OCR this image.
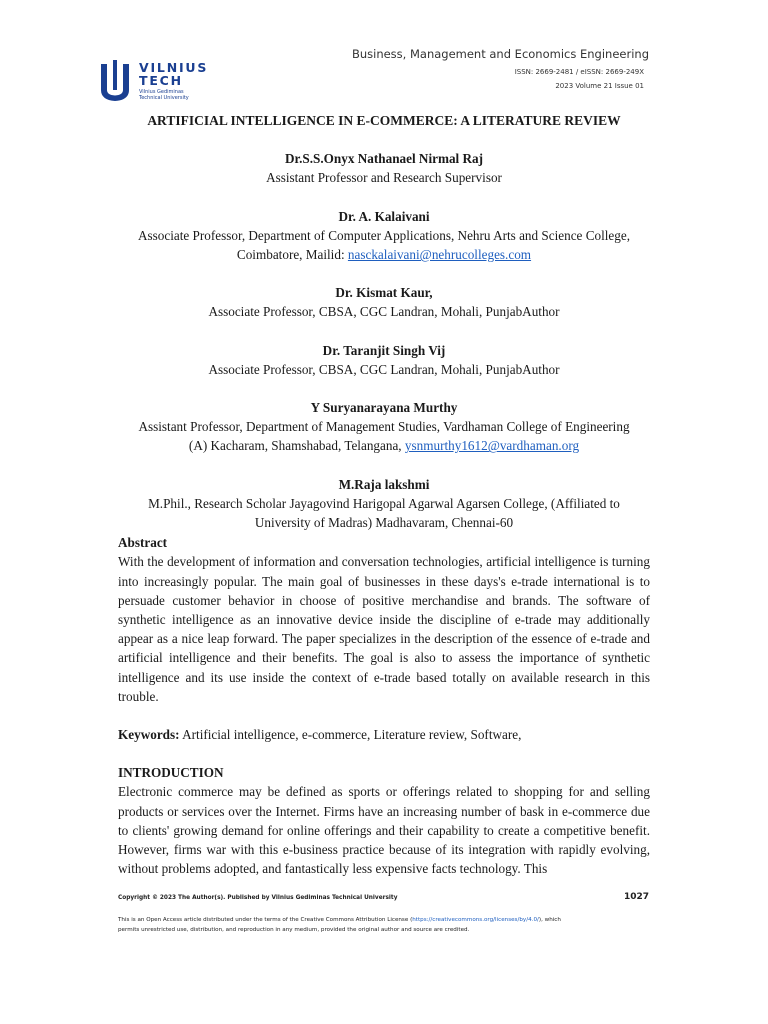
VILNIUS
TECH
Vilnius Gediminas
Technical University
Business, Management and Economics Engineering
ISSN: 2669-2481 / eISSN: 2669-249X
2023 Volume 21 Issue 01
ARTIFICIAL INTELLIGENCE IN E-COMMERCE: A LITERATURE REVIEW
Dr.S.S.Onyx Nathanael Nirmal Raj
Assistant Professor and Research Supervisor
Dr. A. Kalaivani
Associate Professor, Department of Computer Applications, Nehru Arts and Science College,
Coimbatore, Mailid: nasckalaivani@nehrucolleges.com
Dr. Kismat Kaur,
Associate Professor, CBSA, CGC Landran, Mohali, PunjabAuthor
Dr. Taranjit Singh Vij
Associate Professor, CBSA, CGC Landran, Mohali, PunjabAuthor
Y Suryanarayana Murthy
Assistant Professor, Department of Management Studies, Vardhaman College of Engineering
(A) Kacharam, Shamshabad, Telangana, ysnmurthy1612@vardhaman.org
M.Raja lakshmi
M.Phil., Research Scholar Jayagovind Harigopal Agarwal Agarsen College, (Affiliated to
University of Madras) Madhavaram, Chennai-60
Abstract
With the development of information and conversation technologies, artificial intelligence is turning into increasingly popular. The main goal of businesses in these days's e-trade international is to persuade customer behavior in choose of positive merchandise and brands. The software of synthetic intelligence as an innovative device inside the discipline of e-trade may additionally appear as a nice leap forward. The paper specializes in the description of the essence of e-trade and artificial intelligence and their benefits. The goal is also to assess the importance of synthetic intelligence and its use inside the context of e-trade based totally on available research in this trouble.
Keywords: Artificial intelligence, e-commerce, Literature review, Software,
INTRODUCTION
Electronic commerce may be defined as sports or offerings related to shopping for and selling products or services over the Internet. Firms have an increasing number of bask in e-commerce due to clients' growing demand for online offerings and their capability to create a competitive benefit. However, firms war with this e-business practice because of its integration with rapidly evolving, without problems adopted, and fantastically less expensive facts technology. This
Copyright © 2023 The Author(s). Published by Vilnius Gediminas Technical University	1027
This is an Open Access article distributed under the terms of the Creative Commons Attribution License (https://creativecommons.org/licenses/by/4.0/), which permits unrestricted use, distribution, and reproduction in any medium, provided the original author and source are credited.
